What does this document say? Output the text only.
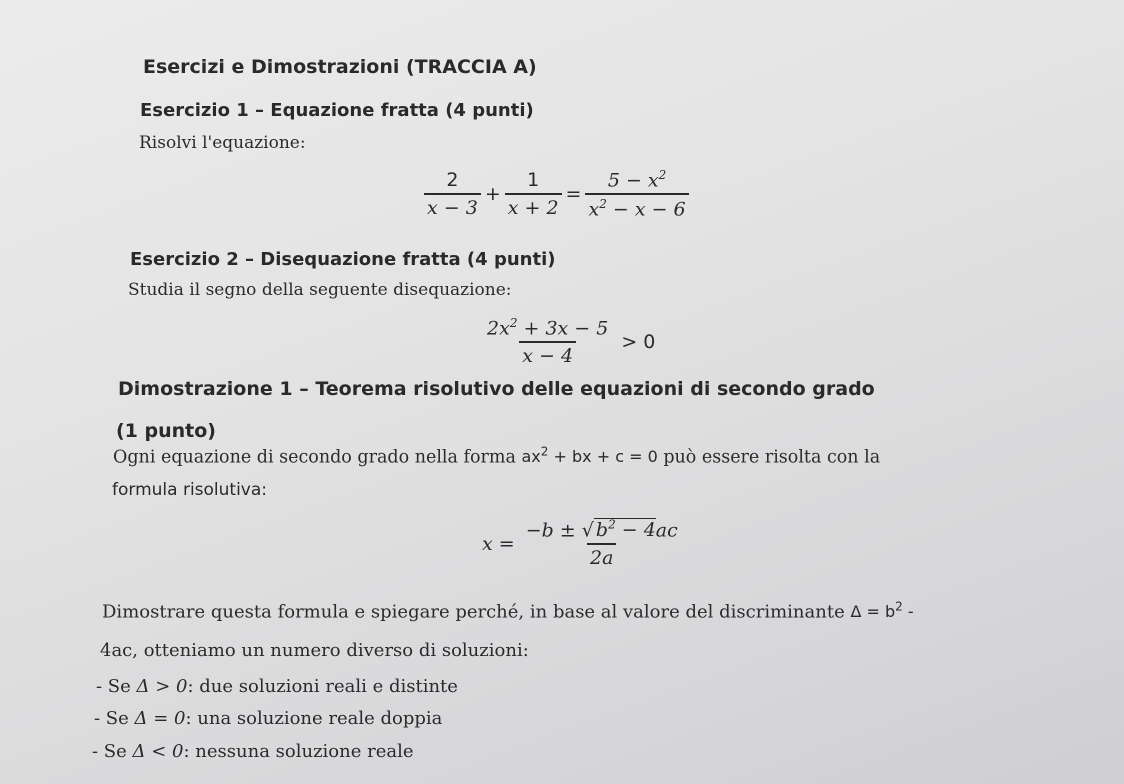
Esercizi e Dimostrazioni (TRACCIA A)
Esercizio 1 – Equazione fratta (4 punti)
Risolvi l'equazione:
$\frac{2}{x - 3} + \frac{1}{x + 2} = \frac{5 - x^2}{x^2 - x - 6}$
Esercizio 2 – Disequazione fratta (4 punti)
Studia il segno della seguente disequazione:
$\frac{2x^2 + 3x - 5}{x - 4} > 0$
Dimostrazione 1 – Teorema risolutivo delle equazioni di secondo grado
(1 punto)
Ogni equazione di secondo grado nella forma $ax^2$ + bx + c = 0 può essere risolta con la
formula risolutiva:
$x = \frac{-b \pm √ b^2 - 4ac}{2a}$
Dimostrare questa formula e spiegare perché, in base al valore del discriminante $\Delta = b^2$ -
4ac, otteniamo un numero diverso di soluzioni:
- Se Δ > 0: due soluzioni reali e distinte
- Se Δ = 0: una soluzione reale doppia
- Se Δ < 0: nessuna soluzione reale
